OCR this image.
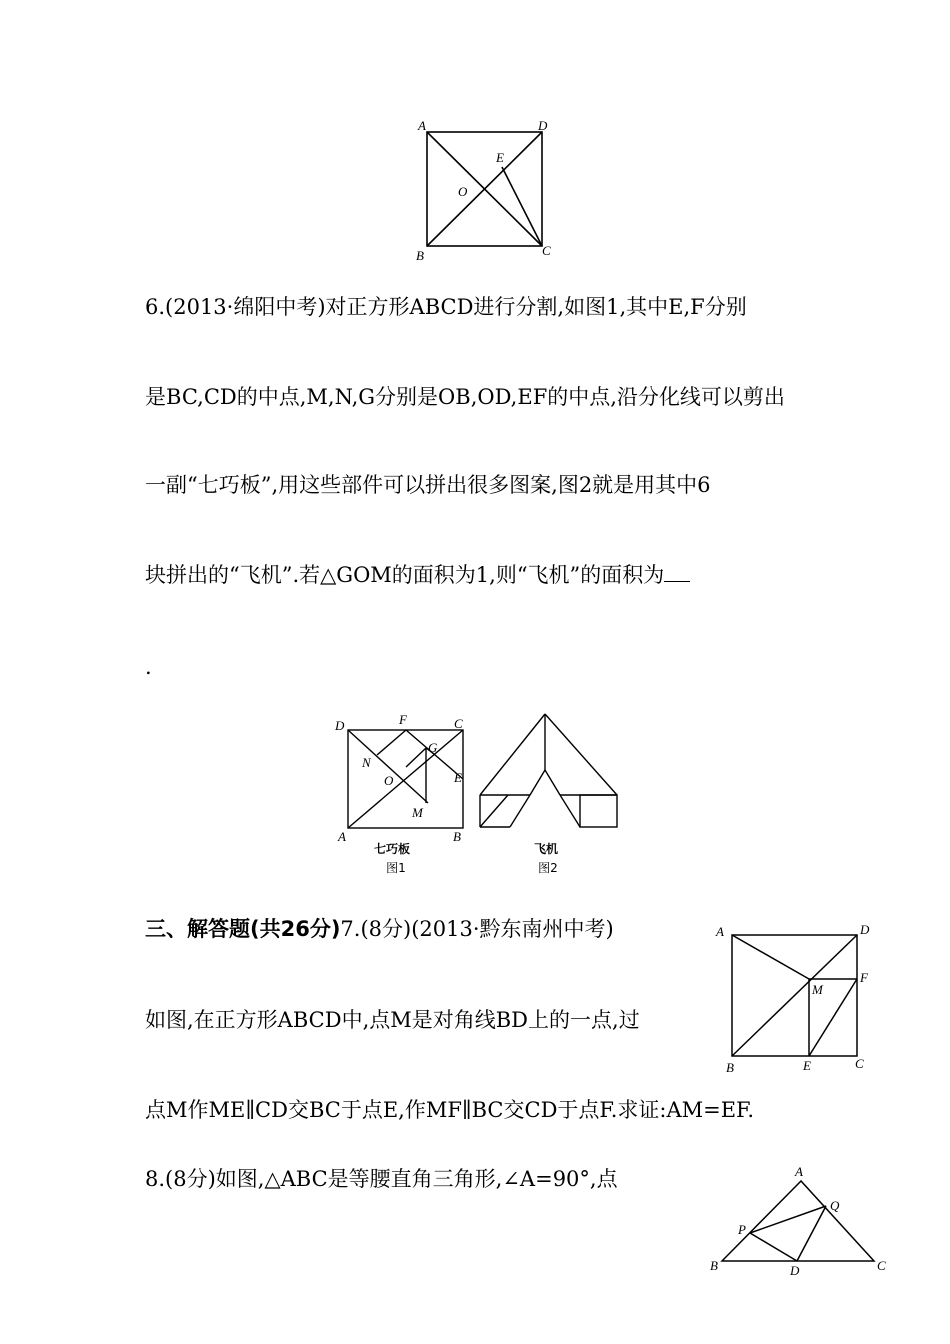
A	D
E
O
B	C
6.(2013·绵阳中考)对正方形ABCD进行分割,如图1,其中E,F分别
是BC,CD的中点,M,N,G分别是OB,OD,EF的中点,沿分化线可以剪出
一副“七巧板”,用这些部件可以拼出很多图案,图2就是用其中6
块拼出的“飞机”.若△GOM的面积为1,则“飞机”的面积为
.
D	F	C
G
N
O	E
M
A	B
七巧板
图1
飞机
图2
三、解答题(共26分)7.(8分)(2013·黔东南州中考)
如图,在正方形ABCD中,点M是对角线BD上的一点,过
点M作ME∥CD交BC于点E,作MF∥BC交CD于点F.求证:AM=EF.
A	D
F
M
B	E	C
8.(8分)如图,△ABC是等腰直角三角形,∠A=90°,点	A
Q
P
B	D	C
